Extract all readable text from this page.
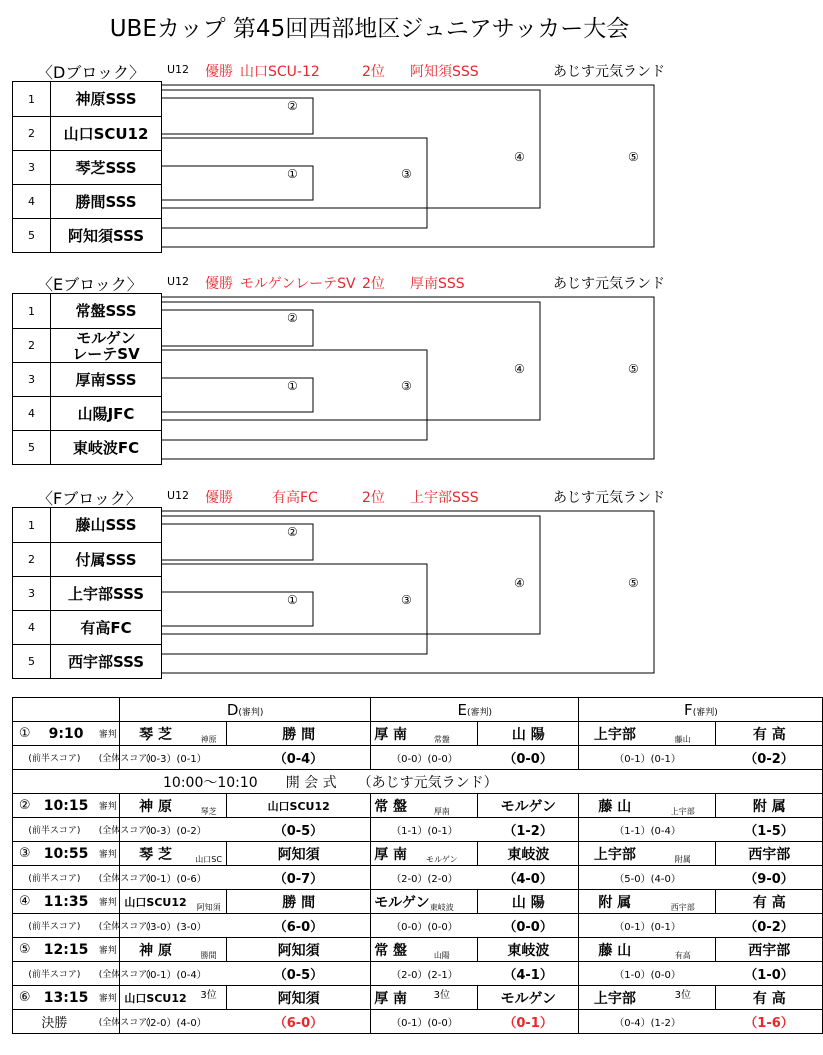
UBEカップ 第45回西部地区ジュニアサッカー大会
〈Dブロック〉 U12 優勝 山口SCU-12	2位 阿知須SSS	あじす元気ランド
1	神原SSS
2	山口SCU12
3	琴芝SSS
4	勝間SSS
5	阿知須SSS
②
①	③
④	⑤
〈Eブロック〉 U12 優勝 モルゲンレーテSV 2位 厚南SSS	あじす元気ランド
1	常盤SSS
2	モルゲン
レーテSV
3	厚南SSS
4	山陽JFC
5	東岐波FC
②
①	③
④	⑤
〈Fブロック〉 U12 優勝	有高FC	2位 上宇部SSS	あじす元気ランド
1	藤山SSS
2	付属SSS
3	上宇部SSS
4	有高FC
5	西宇部SSS
②
①	③
④	⑤
			D(審判)			E(審判)			F(審判)		
①	9:10	審判	琴 芝	神原	勝 間	厚 南	常盤	山 陽	上宇部	藤山	有 高
(前半スコア)		(全体スコア)	（0-3）(0-1）		（0-4）	（0-0）(0-0）		（0-0）	（0-1）(0-1）		（0-2）
10:00～10:10　　開 会 式　　（あじす元気ランド）											
②	10:15	審判	神 原	琴芝	山口SCU12	常 盤	厚南	モルゲン	藤 山	上宇部	附 属
(前半スコア)		(全体スコア)	（0-3）(0-2）		（0-5）	（1-1）(0-1）		（1-2）	（1-1）(0-4）		（1-5）
③	10:55	審判	琴 芝	山口SC	阿知須	厚 南	モルゲン	東岐波	上宇部	附属	西宇部
(前半スコア)		(全体スコア)	（0-1）(0-6）		（0-7）	（2-0）(2-0）		（4-0）	（5-0）(4-0）		（9-0）
④	11:35	審判	山口SCU12	阿知須	勝 間	モルゲン	東岐波	山 陽	附 属	西宇部	有 高
(前半スコア)		(全体スコア)	（3-0）(3-0）		（6-0）	（0-0）(0-0）		（0-0）	（0-1）(0-1）		（0-2）
⑤	12:15	審判	神 原	勝間	阿知須	常 盤	山陽	東岐波	藤 山	有高	西宇部
(前半スコア)		(全体スコア)	（0-1）(0-4）		（0-5）	（2-0）(2-1）		（4-1）	（1-0）(0-0）		（1-0）
⑥	13:15	審判	山口SCU12	3位	阿知須	厚 南	3位	モルゲン	上宇部	3位	有 高
決勝		(全体スコア)	（2-0）(4-0）		（6-0）	（0-1）(0-0）		（0-1）	（0-4）(1-2）		（1-6）
